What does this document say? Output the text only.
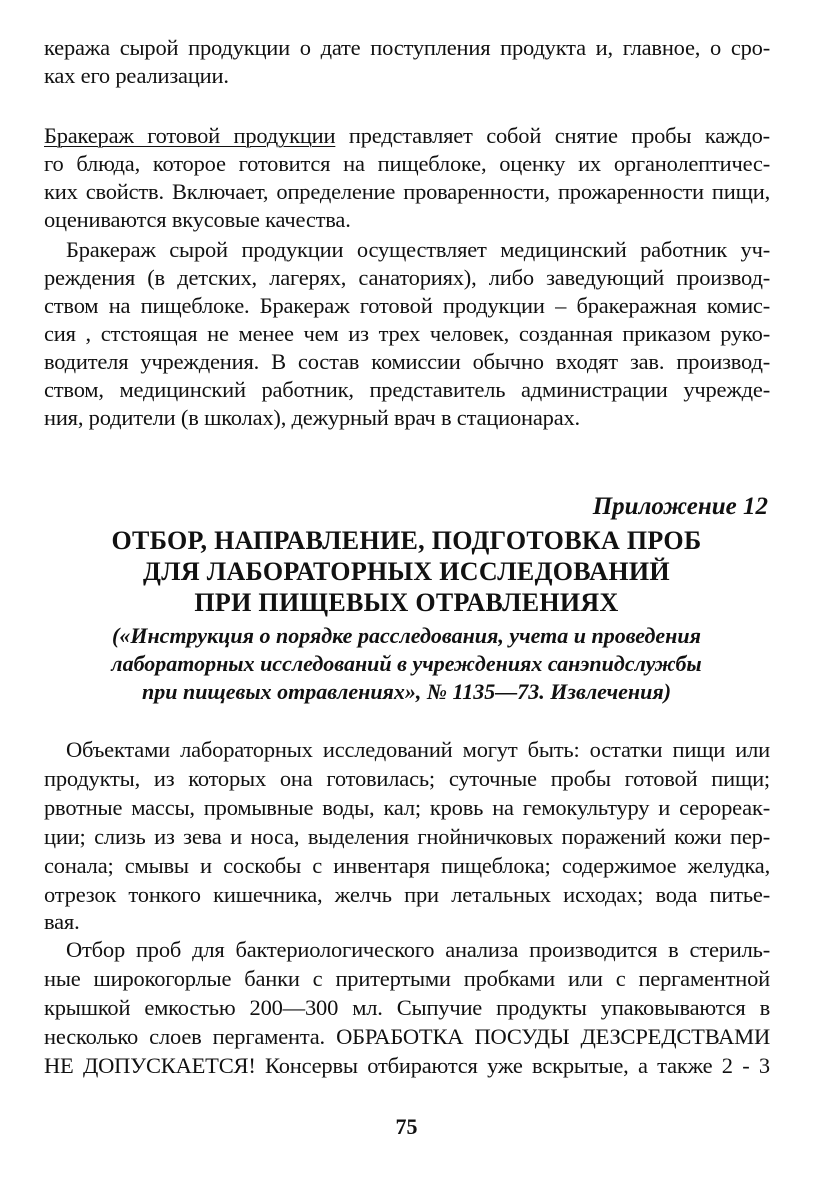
кеража сырой продукции о дате поступления продукта и, главное, о сро-
ках его реализации.
Бракераж готовой продукции представляет собой снятие пробы каждо-
го блюда, которое готовится на пищеблоке, оценку их органолептичес-
ких свойств. Включает, определение проваренности, прожаренности пищи,
оцениваются вкусовые качества.
Бракераж сырой продукции осуществляет медицинский работник уч-
реждения (в детских, лагерях, санаториях), либо заведующий производ-
ством на пищеблоке. Бракераж готовой продукции – бракеражная комис-
сия , стстоящая не менее чем из трех человек, созданная приказом руко-
водителя учреждения. В состав комиссии обычно входят зав. производ-
ством, медицинский работник, представитель администрации учрежде-
ния, родители (в школах), дежурный врач в стационарах.
Приложение 12
ОТБОР, НАПРАВЛЕНИЕ, ПОДГОТОВКА ПРОБ
ДЛЯ ЛАБОРАТОРНЫХ ИССЛЕДОВАНИЙ
ПРИ ПИЩЕВЫХ ОТРАВЛЕНИЯХ
(«Инструкция о порядке расследования, учета и проведения
лабораторных исследований в учреждениях санэпидслужбы
при пищевых отравлениях», № 1135—73. Извлечения)
Объектами лабораторных исследований могут быть: остатки пищи или
продукты, из которых она готовилась; суточные пробы готовой пищи;
рвотные массы, промывные воды, кал; кровь на гемокультуру и серореак-
ции; слизь из зева и носа, выделения гнойничковых поражений кожи пер-
сонала; смывы и соскобы с инвентаря пищеблока; содержимое желудка,
отрезок тонкого кишечника, желчь при летальных исходах; вода питье-
вая.
Отбор проб для бактериологического анализа производится в стериль-
ные широкогорлые банки с притертыми пробками или с пергаментной
крышкой емкостью 200—300 мл. Сыпучие продукты упаковываются в
несколько слоев пергамента. ОБРАБОТКА ПОСУДЫ ДЕЗСРЕДСТВАМИ
НЕ ДОПУСКАЕТСЯ! Консервы отбираются уже вскрытые, а также 2 - 3
75
